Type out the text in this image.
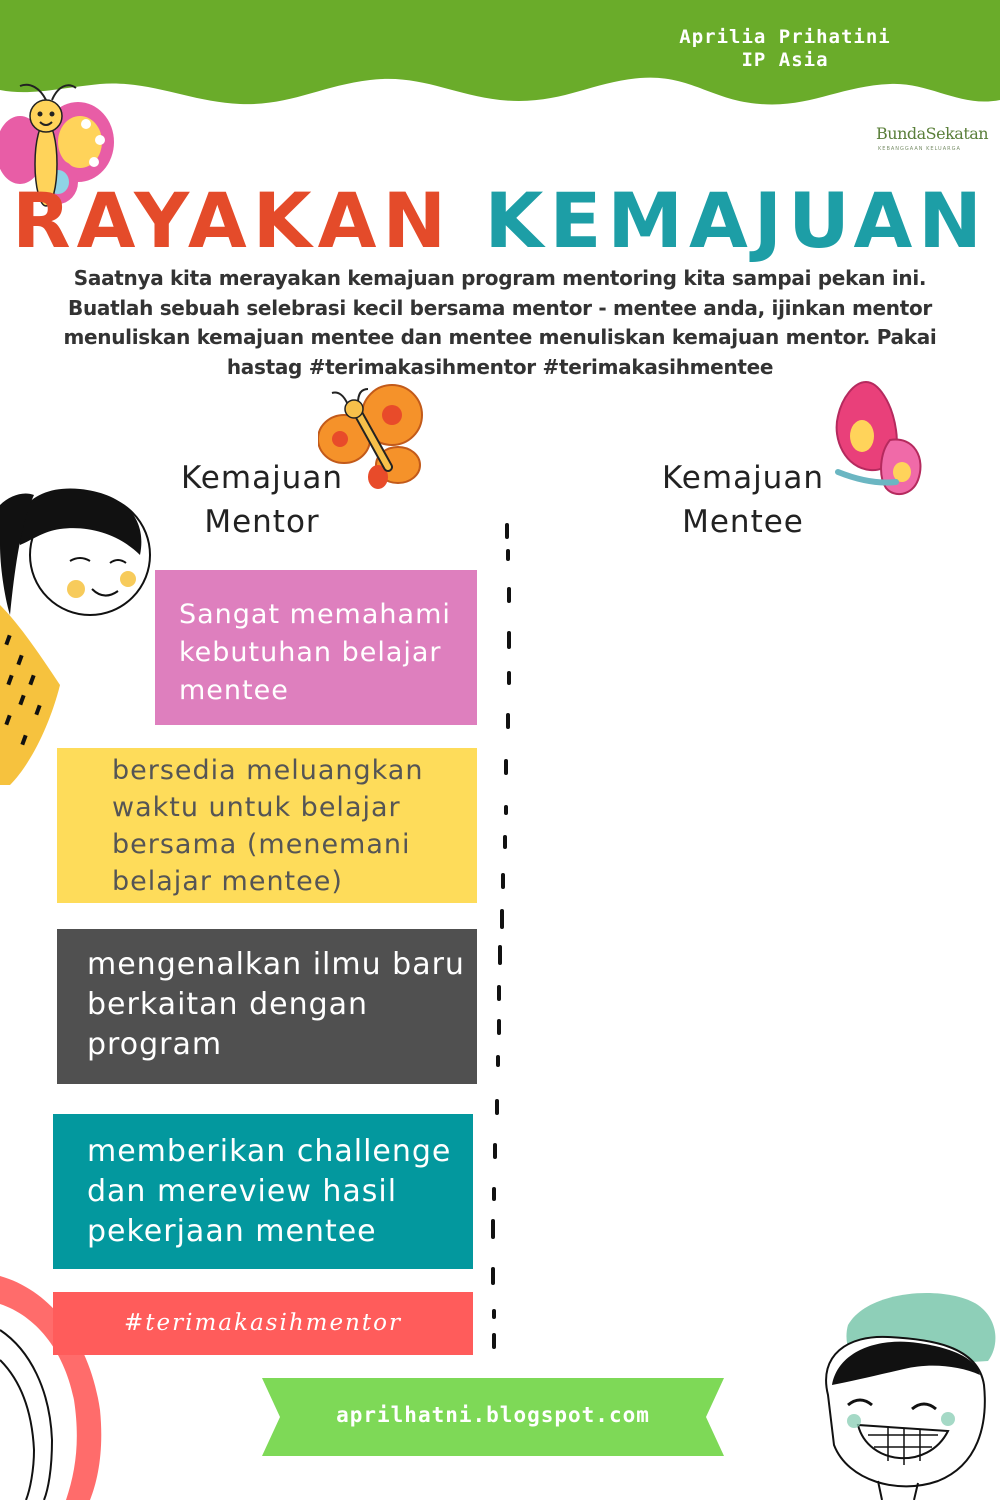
Aprilia Prihatini
IP Asia
BundaSekatan
KEBANGGAAN KELUARGA
RAYAKAN KEMAJUAN

Saatnya kita merayakan kemajuan program mentoring kita sampai pekan ini.

Buatlah sebuah selebrasi kecil bersama mentor - mentee anda, ijinkan mentor

menuliskan kemajuan mentee dan mentee menuliskan kemajuan mentor. Pakai

hastag #terimakasihmentor #terimakasihmentee

Kemajuan
Mentor
Kemajuan
Mentee
Sangat memahami kebutuhan belajar mentee
bersedia meluangkan waktu untuk belajar bersama (menemani belajar mentee)
mengenalkan ilmu baru berkaitan dengan program
memberikan challenge dan mereview hasil pekerjaan mentee
#terimakasihmentor
aprilhatni.blogspot.com
